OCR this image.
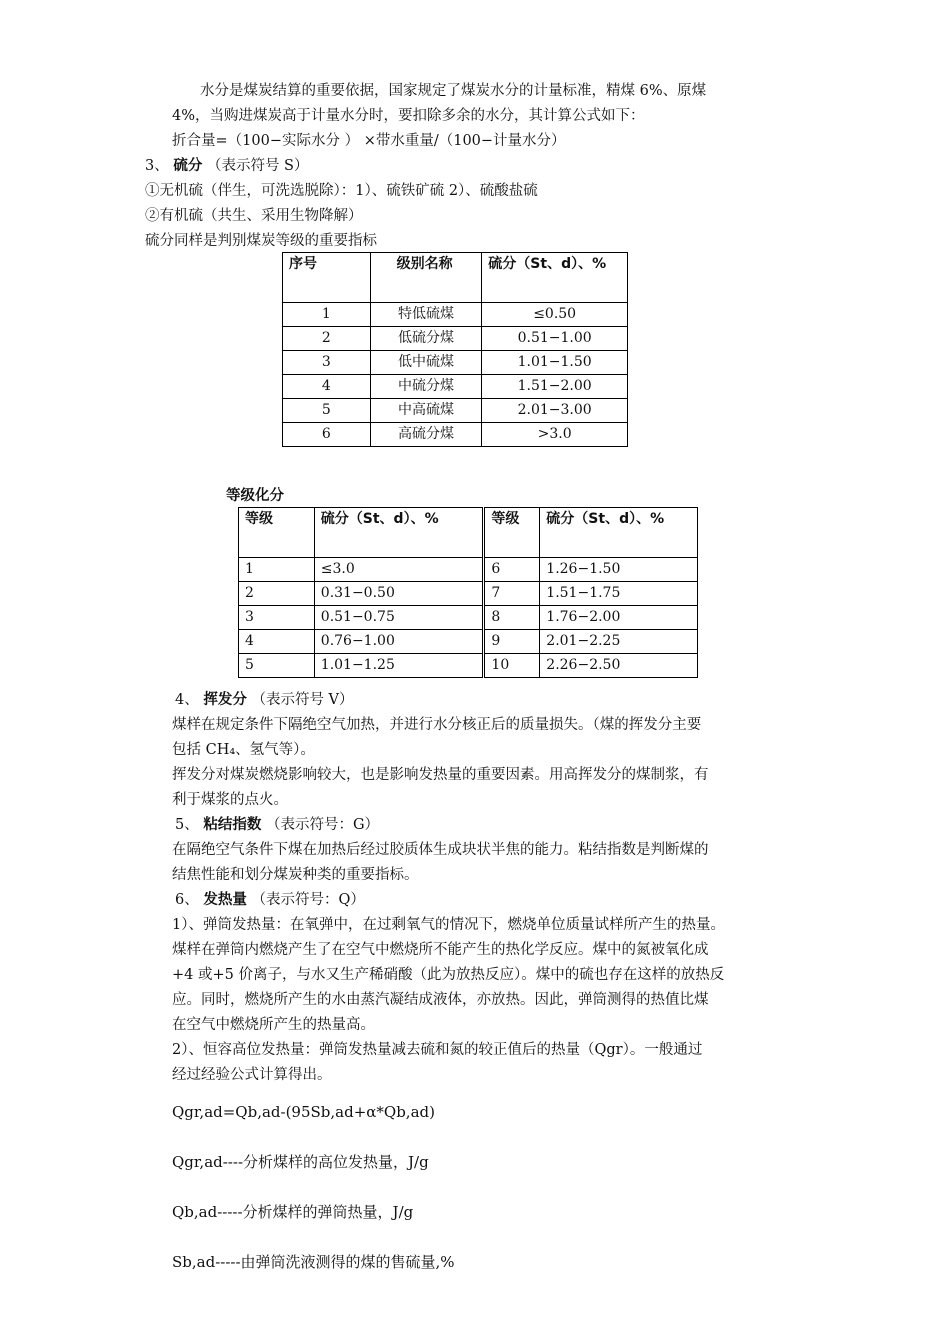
水分是煤炭结算的重要依据，国家规定了煤炭水分的计量标准，精煤 6%、原煤
4%，当购进煤炭高于计量水分时，要扣除多余的水分，其计算公式如下：
折合量=（100−实际水分 ） ×带水重量/（100−计量水分）
3、 硫分 （表示符号 S）
①无机硫（伴生，可洗选脱除）：1）、硫铁矿硫 2）、硫酸盐硫
②有机硫（共生、采用生物降解）
硫分同样是判别煤炭等级的重要指标
序号	级别名称	硫分（St、d）、%
1	特低硫煤	≤0.50
2	低硫分煤	0.51−1.00
3	低中硫煤	1.01−1.50
4	中硫分煤	1.51−2.00
5	中高硫煤	2.01−3.00
6	高硫分煤	>3.0
等级化分
等级	硫分（St、d）、%	等级	硫分（St、d）、%
1	≤3.0	6	1.26−1.50
2	0.31−0.50	7	1.51−1.75
3	0.51−0.75	8	1.76−2.00
4	0.76−1.00	9	2.01−2.25
5	1.01−1.25	10	2.26−2.50
4、 挥发分 （表示符号 V）
煤样在规定条件下隔绝空气加热，并进行水分核正后的质量损失。（煤的挥发分主要
包括 CH₄、氢气等）。
挥发分对煤炭燃烧影响较大，也是影响发热量的重要因素。用高挥发分的煤制浆，有
利于煤浆的点火。
5、 粘结指数 （表示符号：G）
在隔绝空气条件下煤在加热后经过胶质体生成块状半焦的能力。粘结指数是判断煤的
结焦性能和划分煤炭种类的重要指标。
6、 发热量 （表示符号：Q）
1）、弹筒发热量：在氧弹中，在过剩氧气的情况下，燃烧单位质量试样所产生的热量。
煤样在弹筒内燃烧产生了在空气中燃烧所不能产生的热化学反应。煤中的氮被氧化成
+4 或+5 价离子，与水又生产稀硝酸（此为放热反应）。煤中的硫也存在这样的放热反
应。同时，燃烧所产生的水由蒸汽凝结成液体，亦放热。因此，弹筒测得的热值比煤
在空气中燃烧所产生的热量高。
2）、恒容高位发热量：弹筒发热量减去硫和氮的较正值后的热量（Qgr）。一般通过
经过经验公式计算得出。
Qgr,ad=Qb,ad-(95Sb,ad+α*Qb,ad)
Qgr,ad----分析煤样的高位发热量，J/g
Qb,ad-----分析煤样的弹筒热量，J/g
Sb,ad-----由弹筒洗液测得的煤的售硫量,%
